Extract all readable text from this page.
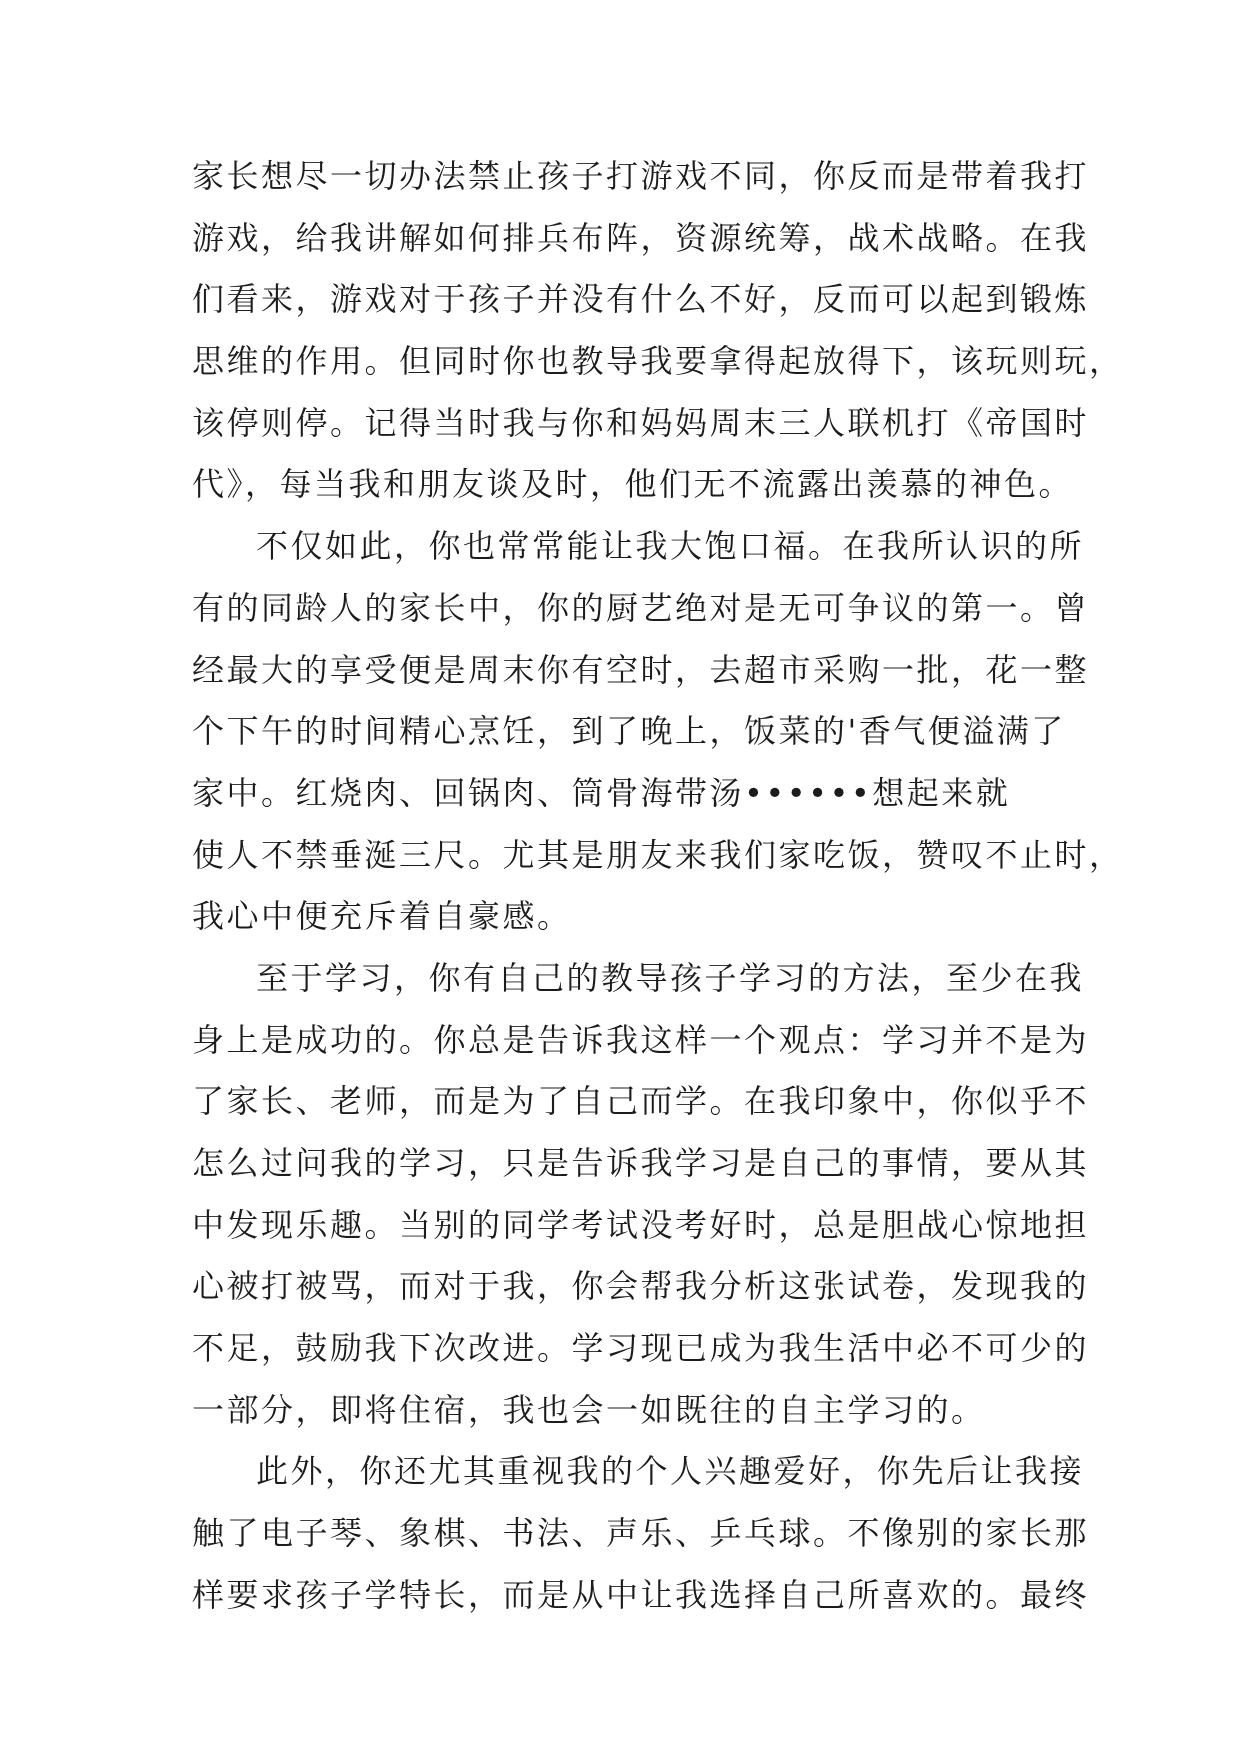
家长想尽一切办法禁止孩子打游戏不同，你反而是带着我打
游戏，给我讲解如何排兵布阵，资源统筹，战术战略。在我
们看来，游戏对于孩子并没有什么不好，反而可以起到锻炼
思维的作用。但同时你也教导我要拿得起放得下，该玩则玩，
该停则停。记得当时我与你和妈妈周末三人联机打《帝国时
代》，每当我和朋友谈及时，他们无不流露出羡慕的神色。
不仅如此，你也常常能让我大饱口福。在我所认识的所
有的同龄人的家长中，你的厨艺绝对是无可争议的第一。曾
经最大的享受便是周末你有空时，去超市采购一批，花一整
个下午的时间精心烹饪，到了晚上，饭菜的'香气便溢满了
家中。红烧肉、回锅肉、筒骨海带汤••••••想起来就
使人不禁垂涎三尺。尤其是朋友来我们家吃饭，赞叹不止时，
我心中便充斥着自豪感。
至于学习，你有自己的教导孩子学习的方法，至少在我
身上是成功的。你总是告诉我这样一个观点：学习并不是为
了家长、老师，而是为了自己而学。在我印象中，你似乎不
怎么过问我的学习，只是告诉我学习是自己的事情，要从其
中发现乐趣。当别的同学考试没考好时，总是胆战心惊地担
心被打被骂，而对于我，你会帮我分析这张试卷，发现我的
不足，鼓励我下次改进。学习现已成为我生活中必不可少的
一部分，即将住宿，我也会一如既往的自主学习的。
此外，你还尤其重视我的个人兴趣爱好，你先后让我接
触了电子琴、象棋、书法、声乐、乒乓球。不像别的家长那
样要求孩子学特长，而是从中让我选择自己所喜欢的。最终
